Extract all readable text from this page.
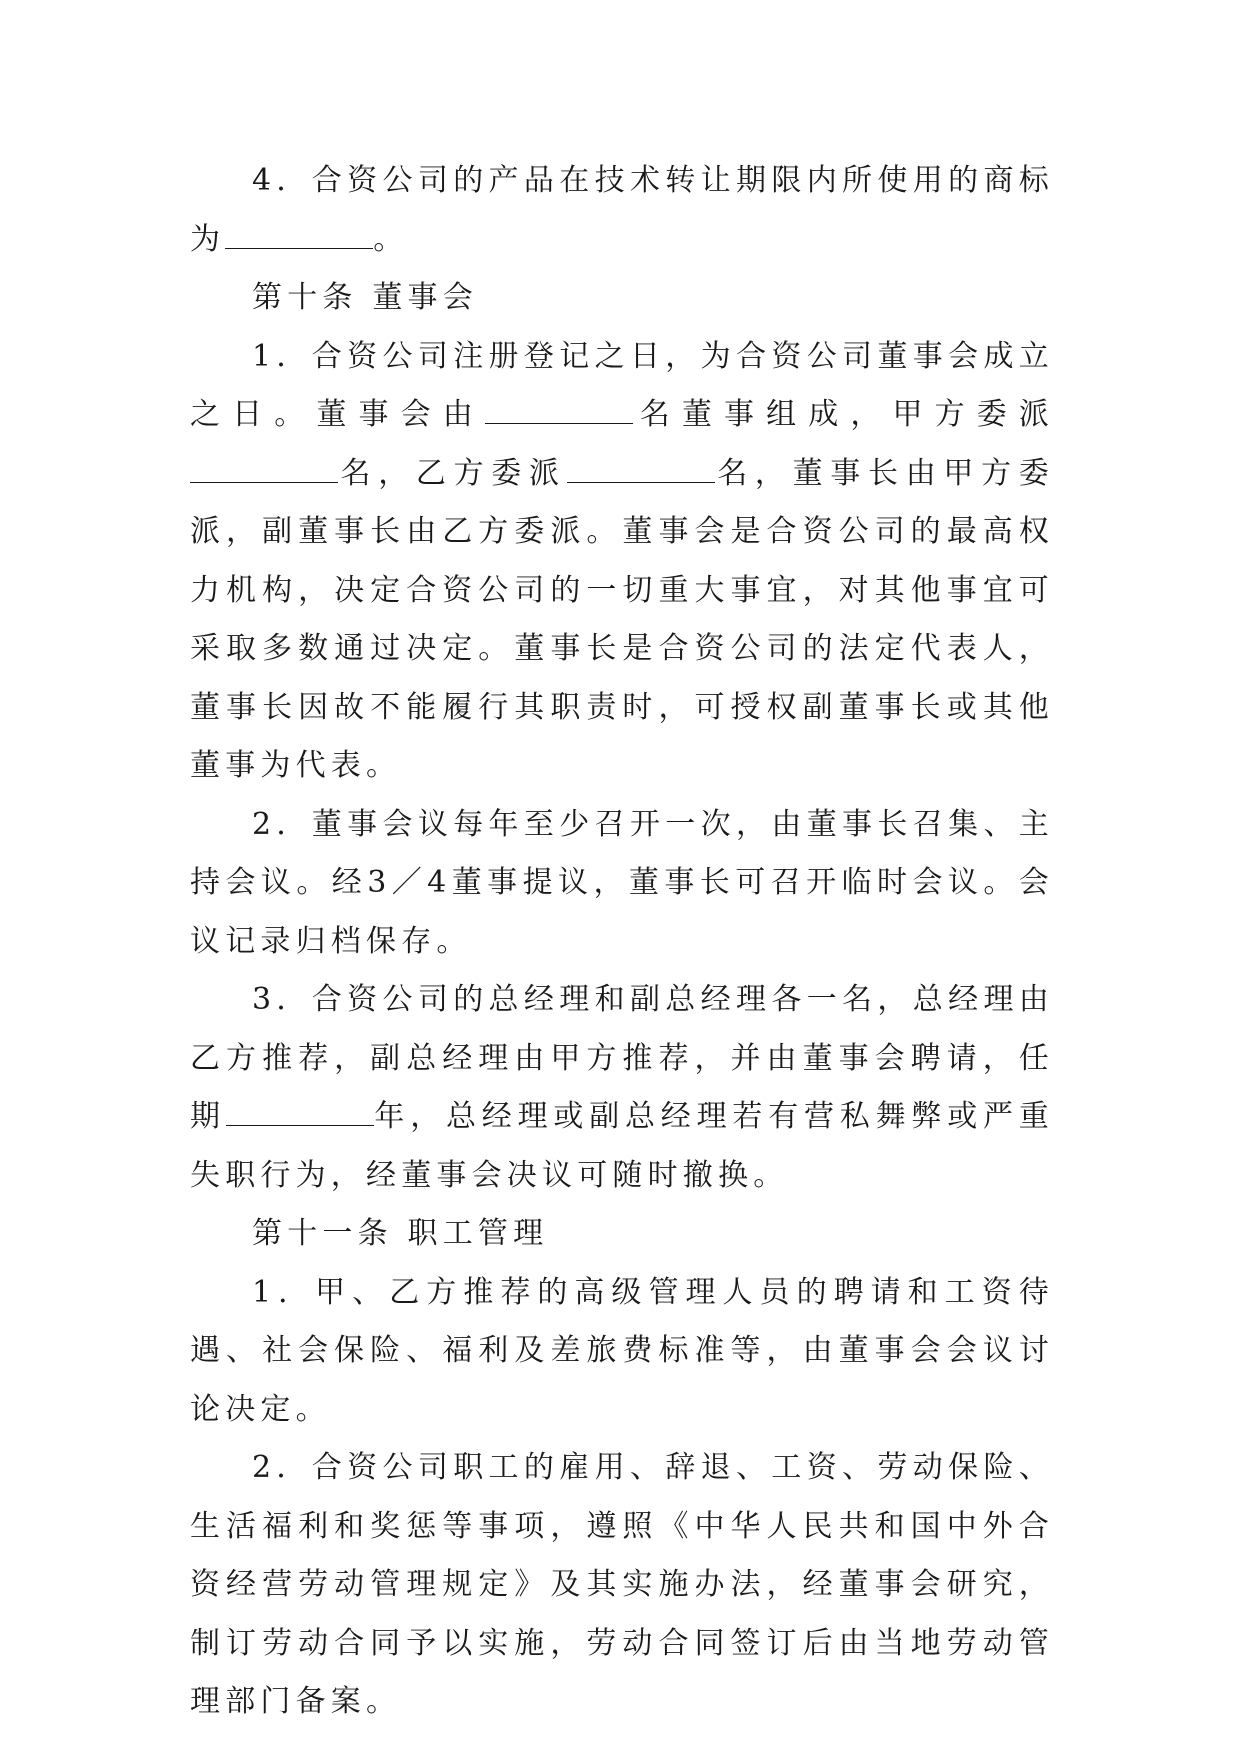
4．合资公司的产品在技术转让期限内所使用的商标为	。

第十条 董事会

1．合资公司注册登记之日，为合资公司董事会成立之日。董事会由	名董事组成，甲方委派名，乙方委派	名，董事长由甲方委派，副董事长由乙方委派。董事会是合资公司的最高权力机构，决定合资公司的一切重大事宜，对其他事宜可采取多数通过决定。董事长是合资公司的法定代表人，董事长因故不能履行其职责时，可授权副董事长或其他董事为代表。

2．董事会议每年至少召开一次，由董事长召集、主持会议。经3／4董事提议，董事长可召开临时会议。会议记录归档保存。

3．合资公司的总经理和副总经理各一名，总经理由乙方推荐，副总经理由甲方推荐，并由董事会聘请，任期	年，总经理或副总经理若有营私舞弊或严重失职行为，经董事会决议可随时撤换。

第十一条 职工管理

1．甲、乙方推荐的高级管理人员的聘请和工资待遇、社会保险、福利及差旅费标准等，由董事会会议讨论决定。

2．合资公司职工的雇用、辞退、工资、劳动保险、生活福利和奖惩等事项，遵照《中华人民共和国中外合资经营劳动管理规定》及其实施办法，经董事会研究，制订劳动合同予以实施，劳动合同签订后由当地劳动管理部门备案。
